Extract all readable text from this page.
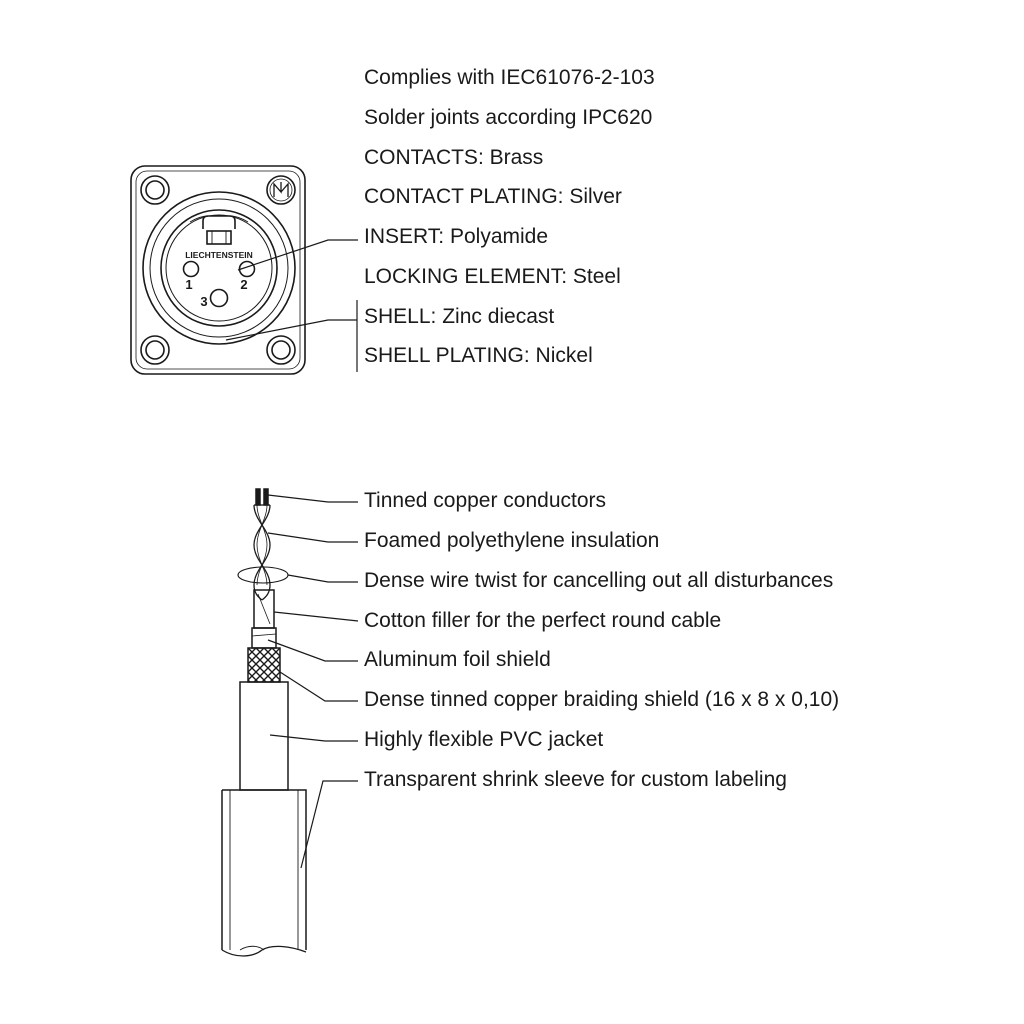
LIECHTENSTEIN
1	2
3
Complies with IEC61076-2-103
Solder joints according IPC620
CONTACTS: Brass
CONTACT PLATING: Silver
INSERT: Polyamide
LOCKING ELEMENT: Steel
SHELL: Zinc diecast
SHELL PLATING: Nickel
Tinned copper conductors
Foamed polyethylene insulation
Dense wire twist for cancelling out all disturbances
Cotton filler for the perfect round cable
Aluminum foil shield
Dense tinned copper braiding shield (16 x 8 x 0,10)
Highly flexible PVC jacket
Transparent shrink sleeve for custom labeling
